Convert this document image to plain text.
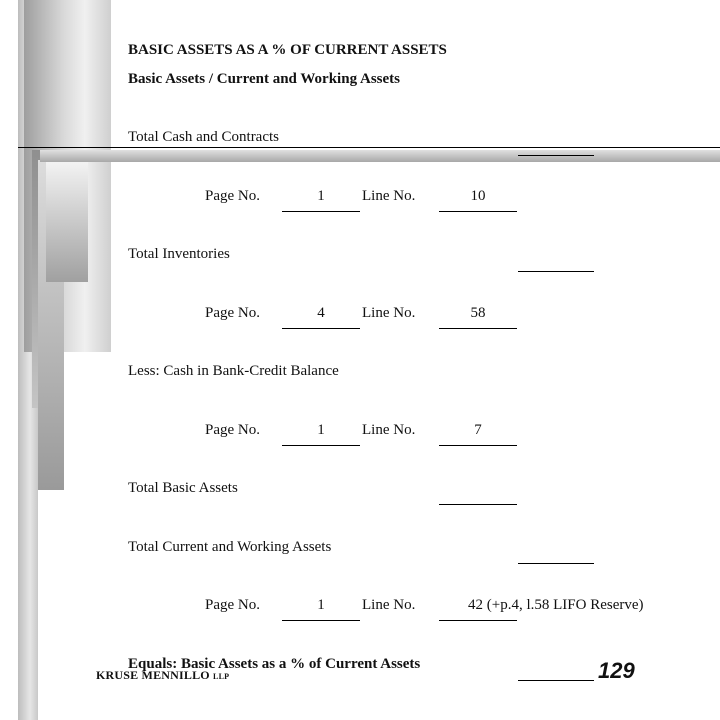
BASIC ASSETS AS A % OF CURRENT ASSETS
Basic Assets / Current and Working Assets
Total Cash and Contracts
Page No.	1	Line No.	10
Total Inventories
Page No.	4	Line No.	58
Less: Cash in Bank-Credit Balance
Page No.	1	Line No.	7
Total Basic Assets
Total Current and Working Assets
Page No.	1	Line No.	42 (+p.4, l.58 LIFO Reserve)
Equals: Basic Assets as a % of Current Assets
KRUSE MENNILLO LLP	129
